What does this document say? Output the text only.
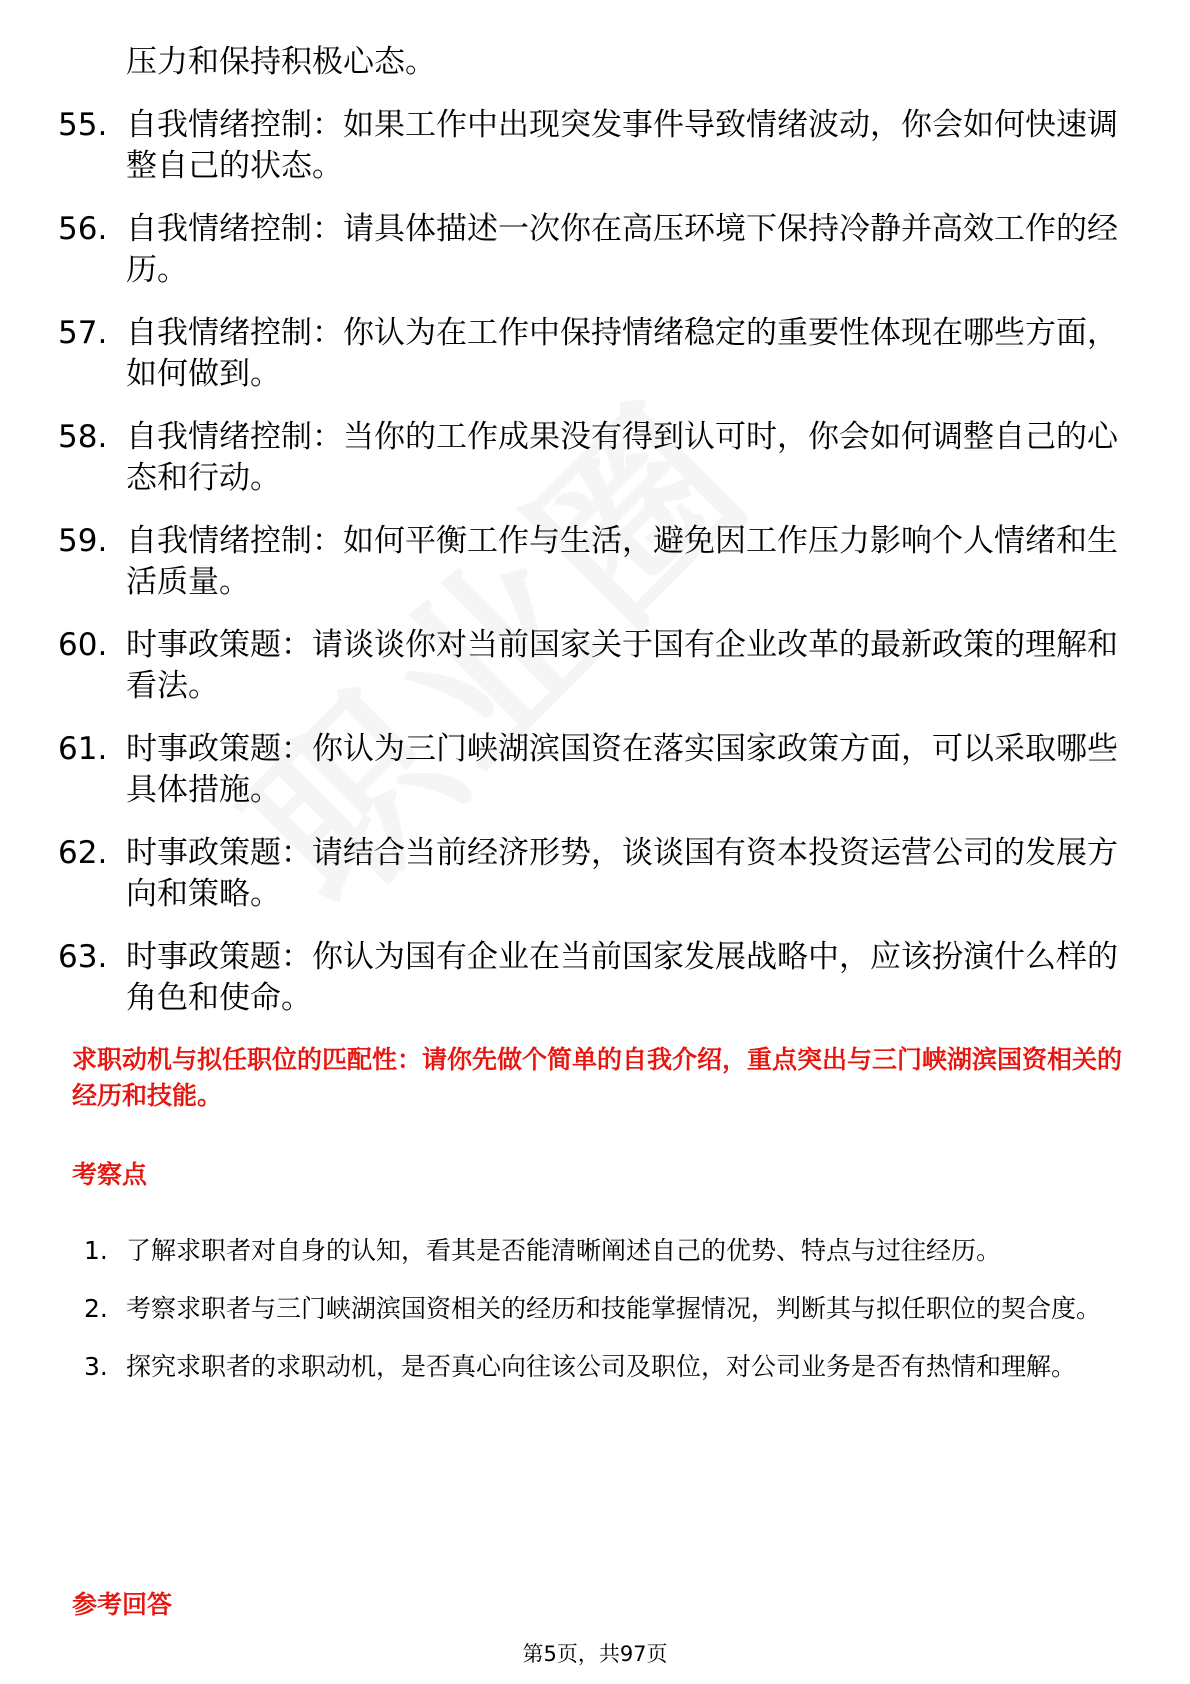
压力和保持积极心态。
55. 自我情绪控制：如果工作中出现突发事件导致情绪波动，你会如何快速调整自己的状态。
56. 自我情绪控制：请具体描述一次你在高压环境下保持冷静并高效工作的经历。
57. 自我情绪控制：你认为在工作中保持情绪稳定的重要性体现在哪些方面，如何做到。
58. 自我情绪控制：当你的工作成果没有得到认可时，你会如何调整自己的心态和行动。
59. 自我情绪控制：如何平衡工作与生活，避免因工作压力影响个人情绪和生活质量。
60. 时事政策题：请谈谈你对当前国家关于国有企业改革的最新政策的理解和看法。
61. 时事政策题：你认为三门峡湖滨国资在落实国家政策方面，可以采取哪些具体措施。
62. 时事政策题：请结合当前经济形势，谈谈国有资本投资运营公司的发展方向和策略。
63. 时事政策题：你认为国有企业在当前国家发展战略中，应该扮演什么样的角色和使命。
求职动机与拟任职位的匹配性：请你先做个简单的自我介绍，重点突出与三门峡湖滨国资相关的经历和技能。
考察点
1. 了解求职者对自身的认知，看其是否能清晰阐述自己的优势、特点与过往经历。
2. 考察求职者与三门峡湖滨国资相关的经历和技能掌握情况，判断其与拟任职位的契合度。
3. 探究求职者的求职动机，是否真心向往该公司及职位，对公司业务是否有热情和理解。
参考回答
第5页，共97页
